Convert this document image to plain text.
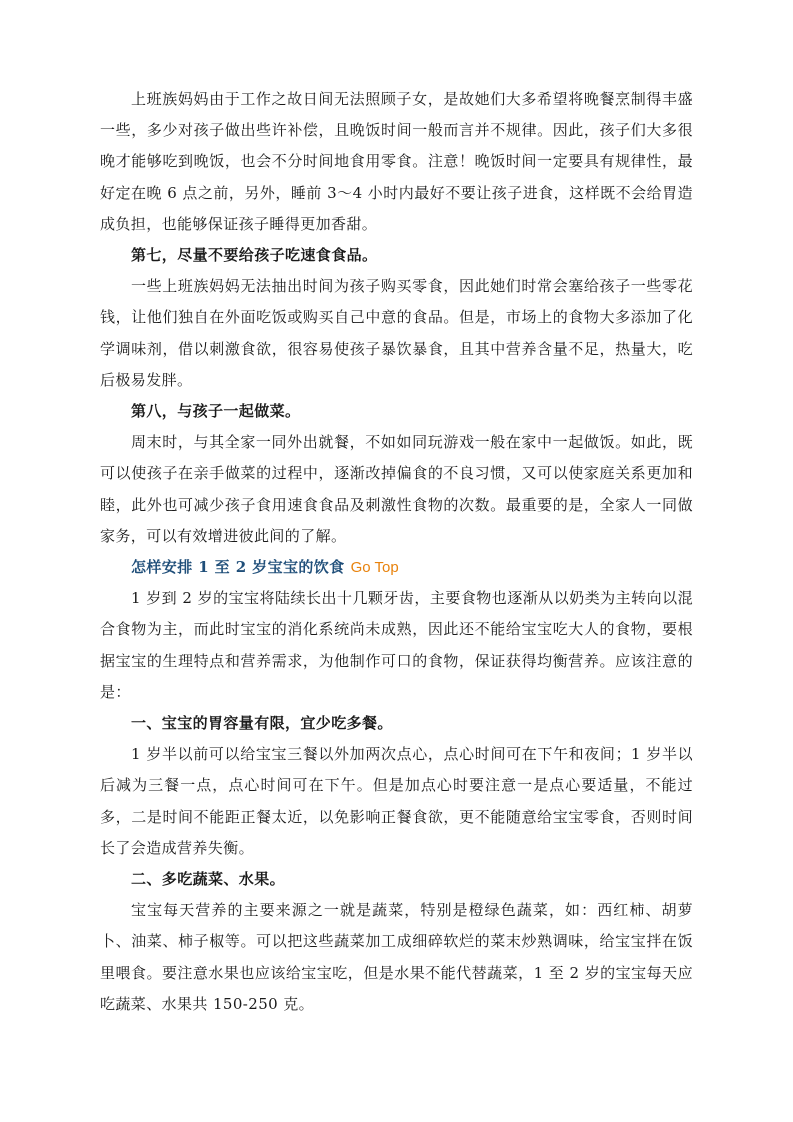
上班族妈妈由于工作之故日间无法照顾子女，是故她们大多希望将晚餐烹制得丰盛一些，多少对孩子做出些许补偿，且晚饭时间一般而言并不规律。因此，孩子们大多很晚才能够吃到晚饭，也会不分时间地食用零食。注意！晚饭时间一定要具有规律性，最好定在晚 6 点之前，另外，睡前 3～4 小时内最好不要让孩子进食，这样既不会给胃造成负担，也能够保证孩子睡得更加香甜。

第七，尽量不要给孩子吃速食食品。

一些上班族妈妈无法抽出时间为孩子购买零食，因此她们时常会塞给孩子一些零花钱，让他们独自在外面吃饭或购买自己中意的食品。但是，市场上的食物大多添加了化学调味剂，借以刺激食欲，很容易使孩子暴饮暴食，且其中营养含量不足，热量大，吃后极易发胖。

第八，与孩子一起做菜。

周末时，与其全家一同外出就餐，不如如同玩游戏一般在家中一起做饭。如此，既可以使孩子在亲手做菜的过程中，逐渐改掉偏食的不良习惯，又可以使家庭关系更加和睦，此外也可减少孩子食用速食食品及刺激性食物的次数。最重要的是，全家人一同做家务，可以有效增进彼此间的了解。

怎样安排 1 至 2 岁宝宝的饮食 Go Top

1 岁到 2 岁的宝宝将陆续长出十几颗牙齿，主要食物也逐渐从以奶类为主转向以混合食物为主，而此时宝宝的消化系统尚未成熟，因此还不能给宝宝吃大人的食物，要根据宝宝的生理特点和营养需求，为他制作可口的食物，保证获得均衡营养。应该注意的是：

一、宝宝的胃容量有限，宜少吃多餐。

1 岁半以前可以给宝宝三餐以外加两次点心，点心时间可在下午和夜间；1 岁半以后减为三餐一点，点心时间可在下午。但是加点心时要注意一是点心要适量，不能过多，二是时间不能距正餐太近，以免影响正餐食欲，更不能随意给宝宝零食，否则时间长了会造成营养失衡。

二、多吃蔬菜、水果。

宝宝每天营养的主要来源之一就是蔬菜，特别是橙绿色蔬菜，如：西红柿、胡萝卜、油菜、柿子椒等。可以把这些蔬菜加工成细碎软烂的菜末炒熟调味，给宝宝拌在饭里喂食。要注意水果也应该给宝宝吃，但是水果不能代替蔬菜，1 至 2 岁的宝宝每天应吃蔬菜、水果共 150-250 克。
